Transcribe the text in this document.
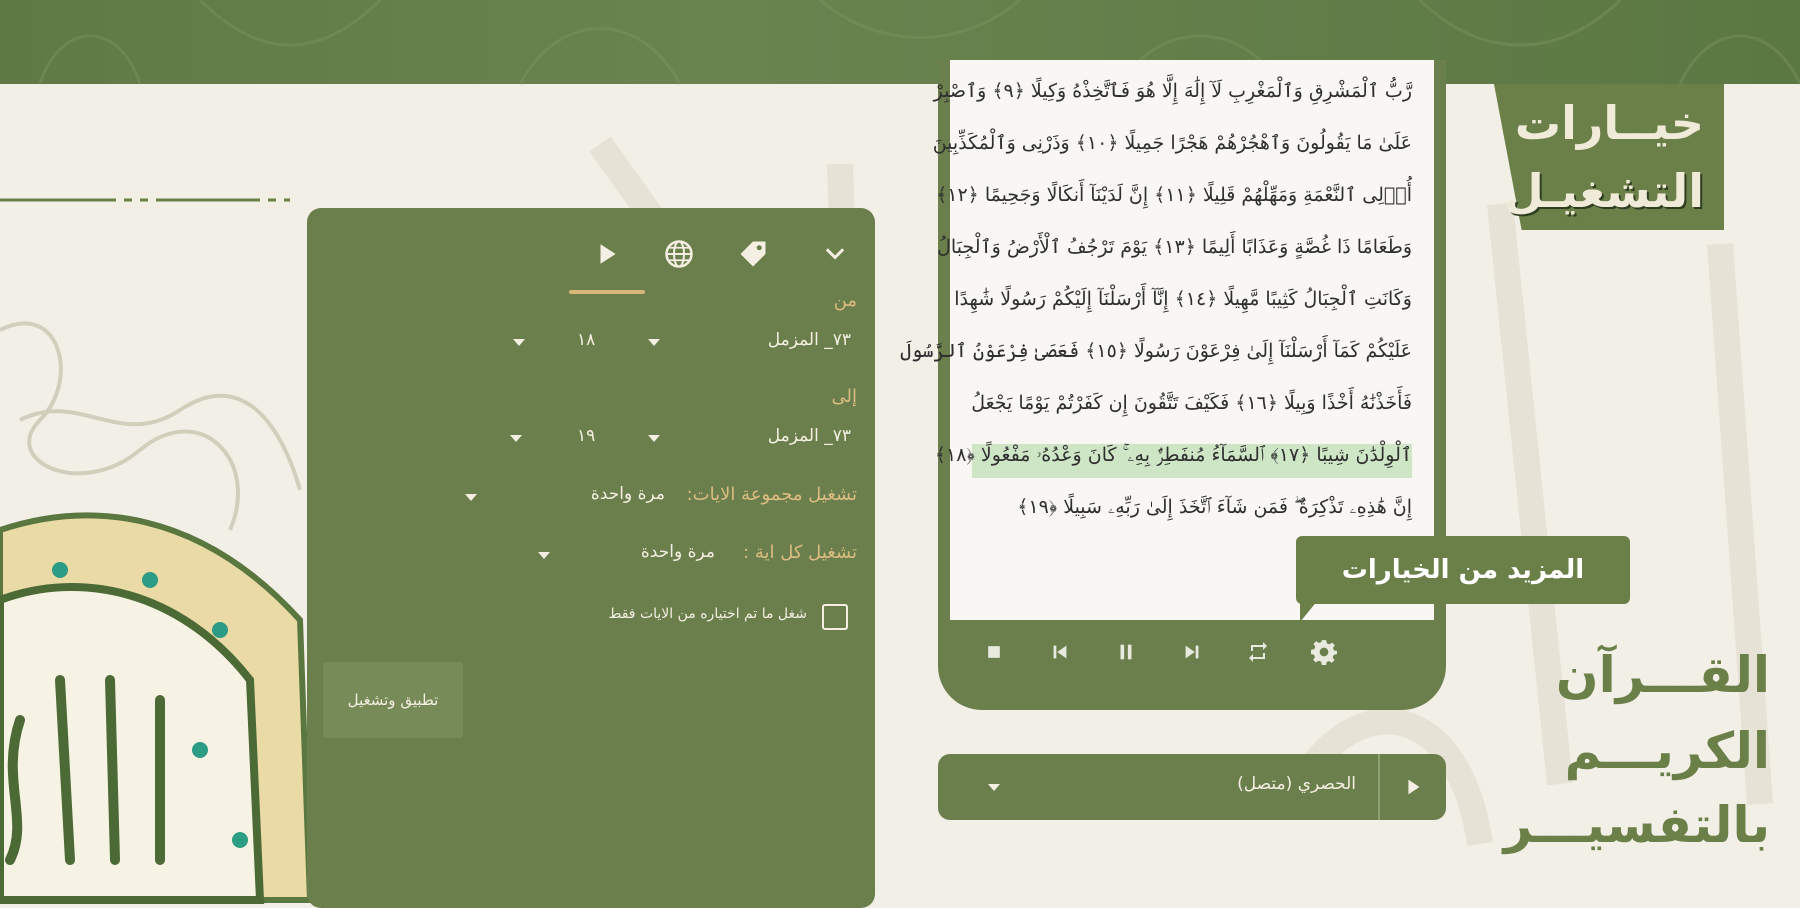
من
٧٣_ المزمل
١٨
إلى
٧٣_ المزمل
١٩
تشغيل مجموعة الايات:
مرة واحدة
تشغيل كل اية :
مرة واحدة
شغل ما تم اختياره من الايات فقط
تطبيق وتشغيل
رَّبُّ ٱلْمَشْرِقِ وَٱلْمَغْرِبِ لَآ إِلَٰهَ إِلَّا هُوَ فَٱتَّخِذْهُ وَكِيلًا ﴿٩﴾ وَٱصْبِرْ
عَلَىٰ مَا يَقُولُونَ وَٱهْجُرْهُمْ هَجْرًا جَمِيلًا ﴿١٠﴾ وَذَرْنِى وَٱلْمُكَذِّبِينَ
أُو۟لِى ٱلنَّعْمَةِ وَمَهِّلْهُمْ قَلِيلًا ﴿١١﴾ إِنَّ لَدَيْنَآ أَنكَالًا وَجَحِيمًا ﴿١٢﴾
وَطَعَامًا ذَا غُصَّةٍ وَعَذَابًا أَلِيمًا ﴿١٣﴾ يَوْمَ تَرْجُفُ ٱلْأَرْضُ وَٱلْجِبَالُ
وَكَانَتِ ٱلْجِبَالُ كَثِيبًا مَّهِيلًا ﴿١٤﴾ إِنَّآ أَرْسَلْنَآ إِلَيْكُمْ رَسُولًا شَٰهِدًا
عَلَيْكُمْ كَمَآ أَرْسَلْنَآ إِلَىٰ فِرْعَوْنَ رَسُولًا ﴿١٥﴾ فَعَصَىٰ فِرْعَوْنُ ٱلرَّسُولَ
فَأَخَذْنَٰهُ أَخْذًا وَبِيلًا ﴿١٦﴾ فَكَيْفَ تَتَّقُونَ إِن كَفَرْتُمْ يَوْمًا يَجْعَلُ
ٱلْوِلْدَٰنَ شِيبًا ﴿١٧﴾ ٱلسَّمَآءُ مُنفَطِرٌۢ بِهِۦ ۚ كَانَ وَعْدُهُۥ مَفْعُولًا ﴿١٨﴾
إِنَّ هَٰذِهِۦ تَذْكِرَةٌ ۖ فَمَن شَآءَ ٱتَّخَذَ إِلَىٰ رَبِّهِۦ سَبِيلًا ﴿١٩﴾
المزيد من الخيارات
الحصري (متصل)
خيــارات
التشغيـل
القـــرآن
الكريـــم
بالتفسيـــر
